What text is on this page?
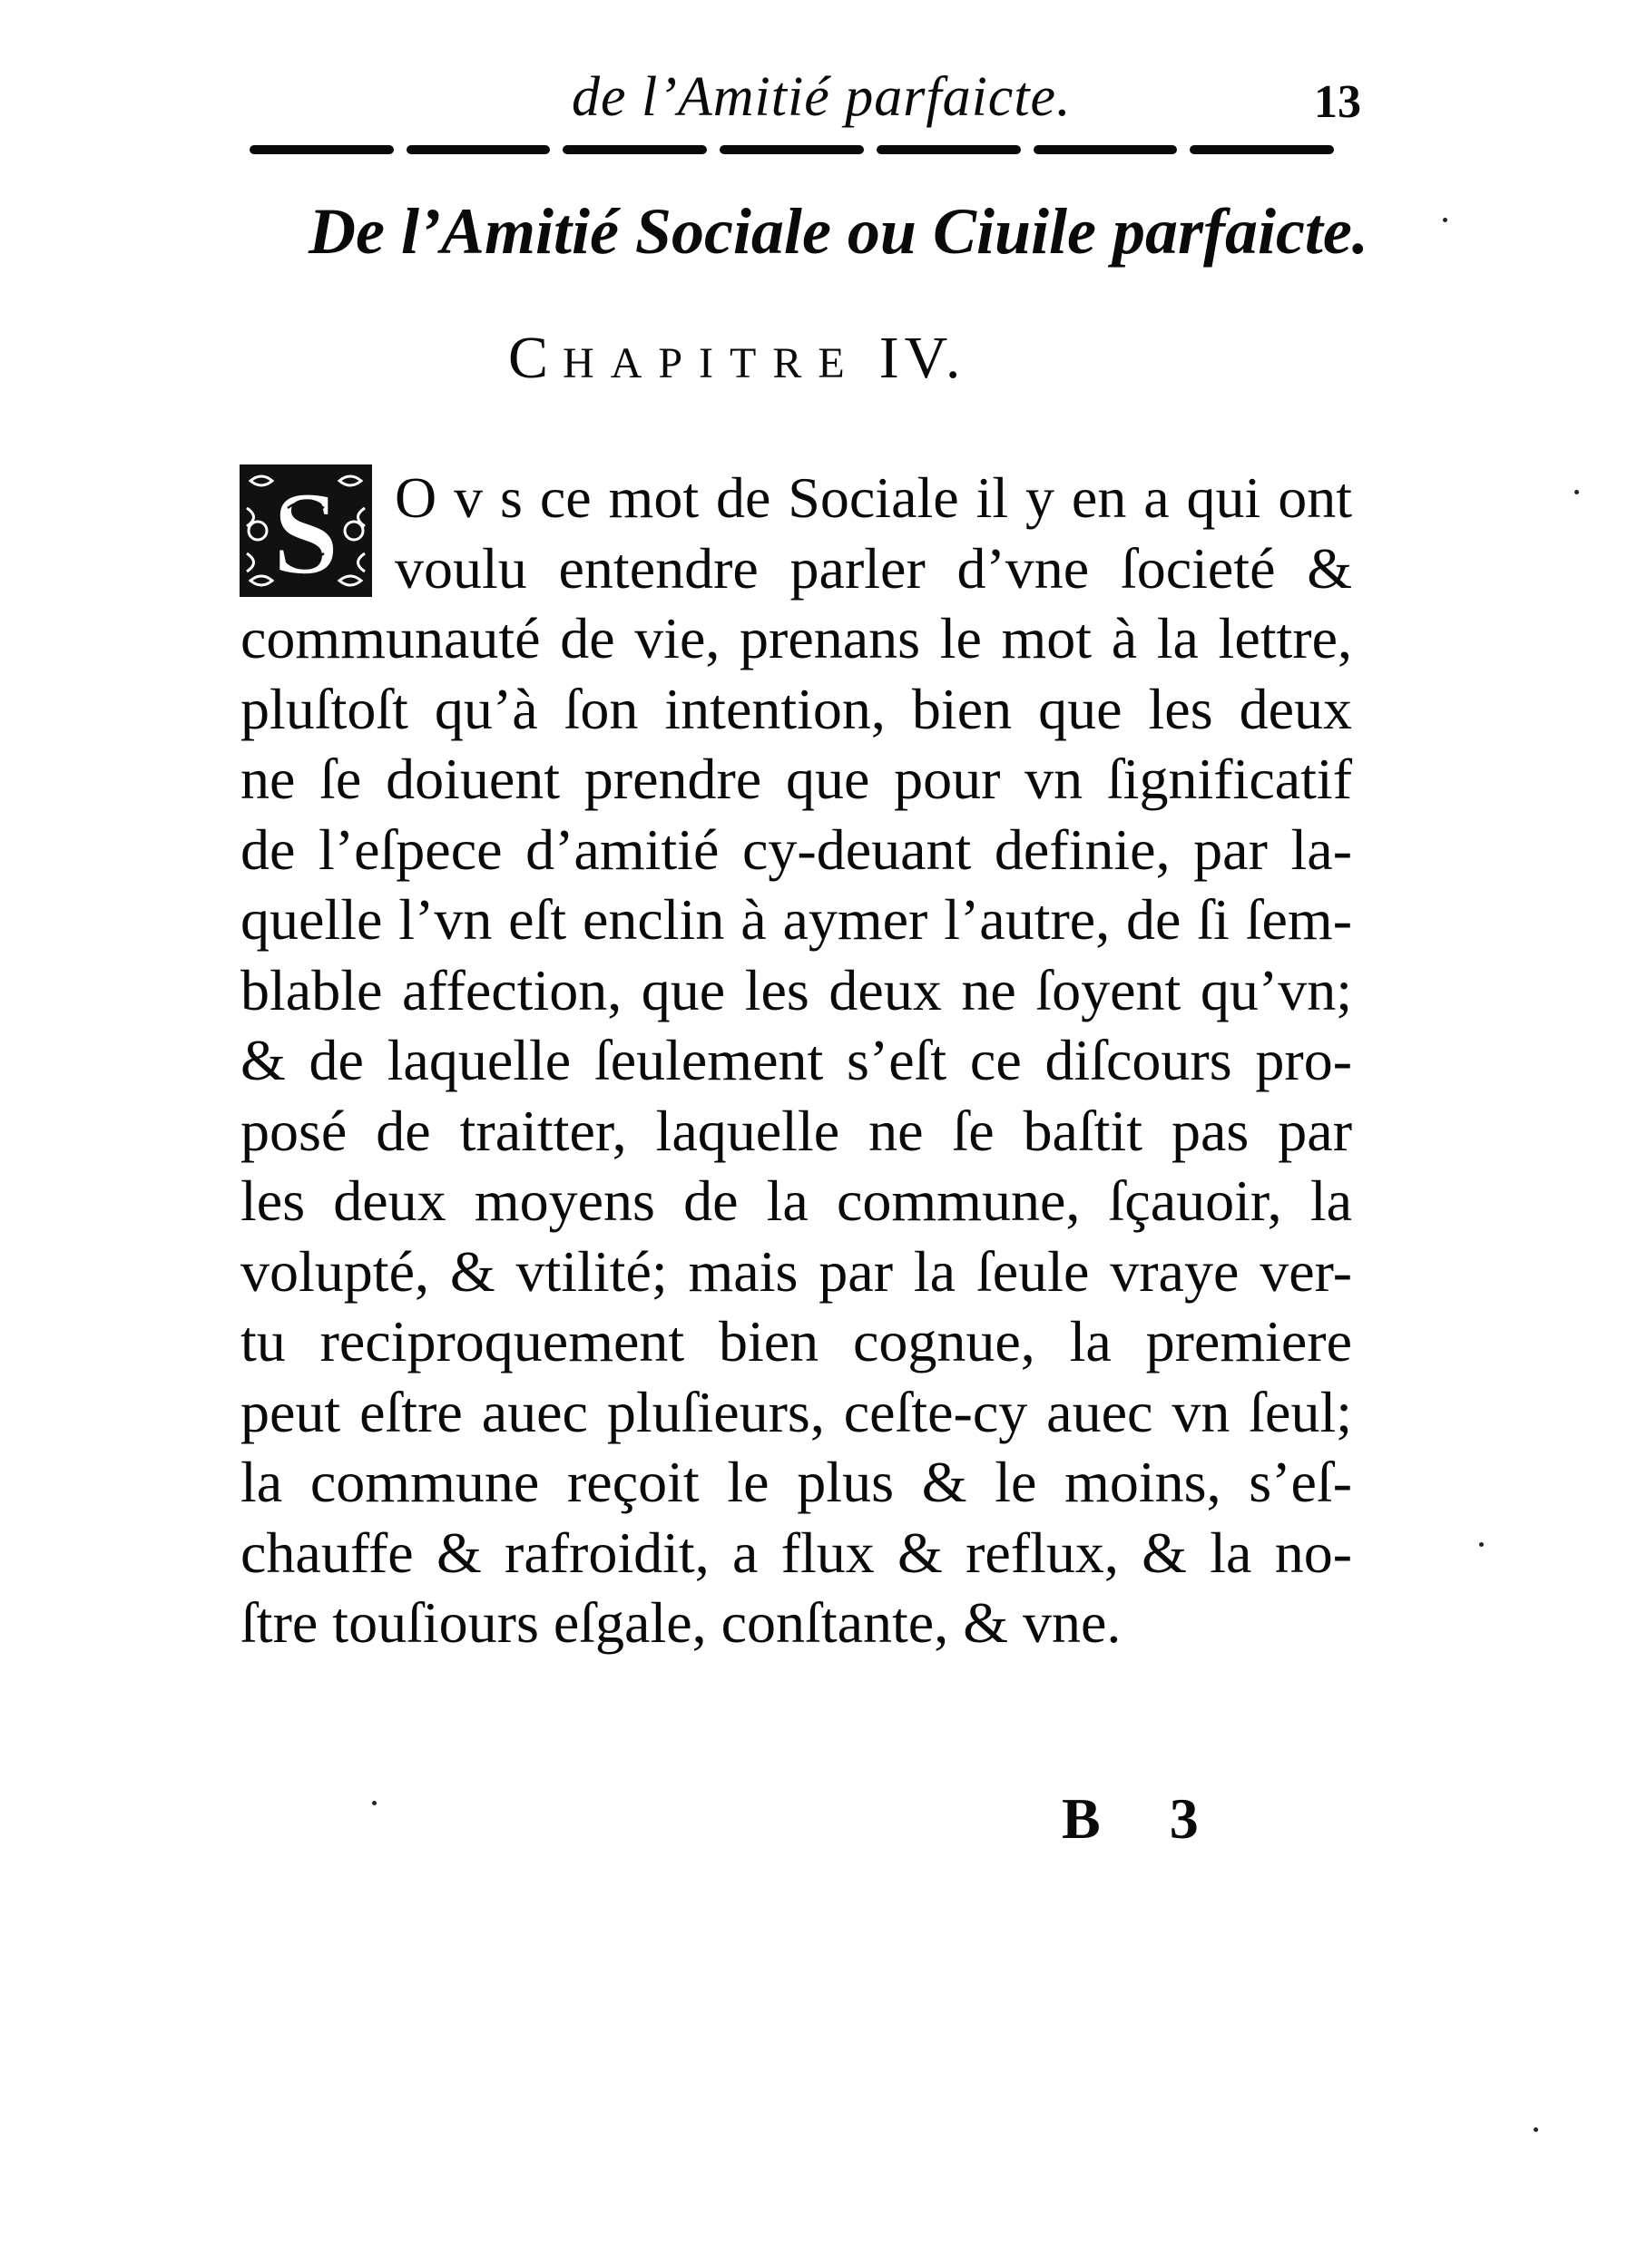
de l’Amitié parfaicte.	13
De l’Amitié Sociale ou Ciuile parfaicte.
CHAPITRE IV.
S O v s ce mot de Sociale il y en a qui ont
voulu entendre parler d’vne ſocieté &
communauté de vie, prenans le mot à la lettre,
pluſtoſt qu’à ſon intention, bien que les deux
ne ſe doiuent prendre que pour vn ſignificatif
de l’eſpece d’amitié cy-deuant definie, par la-
quelle l’vn eſt enclin à aymer l’autre, de ſi ſem-
blable affection, que les deux ne ſoyent qu’vn;
& de laquelle ſeulement s’eſt ce diſcours pro-
posé de traitter, laquelle ne ſe baſtit pas par
les deux moyens de la commune, ſçauoir, la
volupté, & vtilité; mais par la ſeule vraye ver-
tu reciproquement bien cognue, la premiere
peut eſtre auec pluſieurs, ceſte-cy auec vn ſeul;
la commune reçoit le plus & le moins, s’eſ-
chauffe & rafroidit, a flux & reflux, & la no-
ſtre touſiours eſgale, conſtante, & vne.
B 3
